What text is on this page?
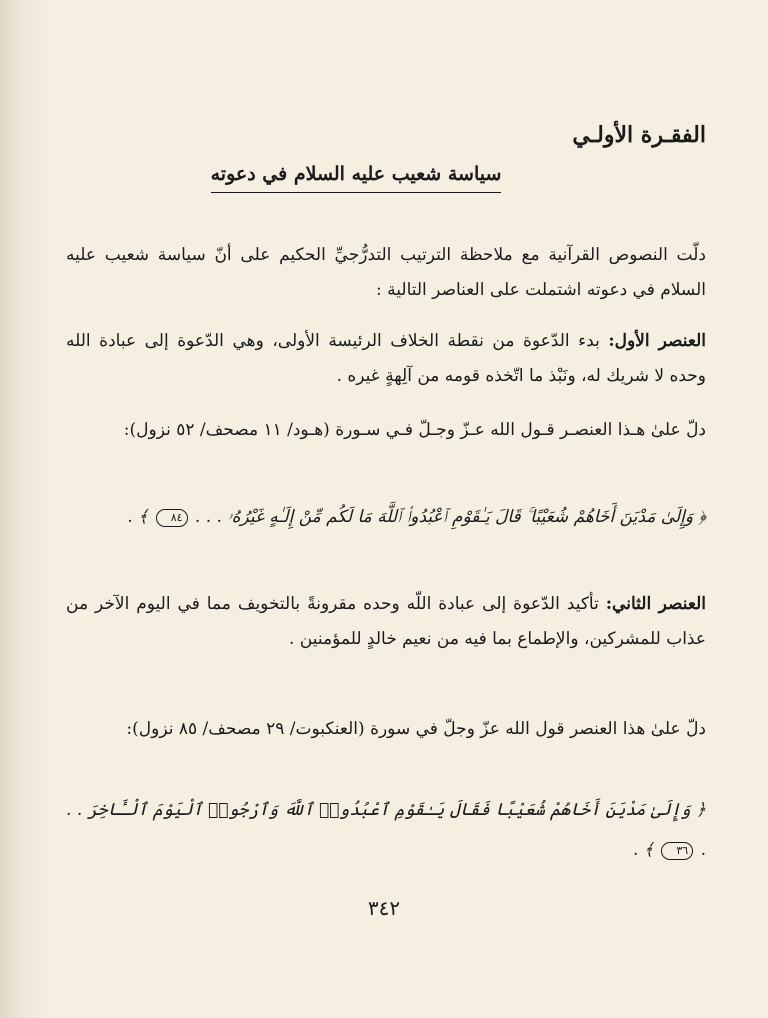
الفقـرة الأولـي
سياسة شعيب عليه السلام في دعوته

دلّت النصوص القرآنية مع ملاحظة الترتيب التدرُّجيِّ الحكيم على أنّ سياسة شعيب عليه السلام في دعوته اشتملت على العناصر التالية :

العنصر الأول: بدء الدّعوة من نقطة الخلاف الرئيسة الأولى، وهي الدّعوة إلى عبادة الله وحده لا شريك له، ونَبْذ ما اتّخذه قومه من آلِهةٍ غيره .

دلّ علىٰ هـذا العنصـر قـول الله عـزّ وجـلّ فـي سـورة (هـود/ ١١ مصحف/ ٥٢ نزول):

﴿ وَإِلَىٰ مَدْيَنَ أَخَاهُمْ شُعَيْبًا ۚ قَالَ يَـٰقَوْمِ ٱعْبُدُوا۟ ٱللَّهَ مَا لَكُم مِّنْ إِلَـٰهٍ غَيْرُهُۥ . . . ٨٤ ﴾ .

العنصر الثاني: تأكيد الدّعوة إلى عبادة اللّه وحده مقرونةً بالتخويف مما في اليوم الآخر من عذاب للمشركين، والإطماع بما فيه من نعيم خالدٍ للمؤمنين .

دلّ علىٰ هذا العنصر قول الله عزّ وجلّ في سورة (العنكبوت/ ٢٩ مصحف/ ٨٥ نزول):

﴿ وَإِلَىٰ مَدْيَنَ أَخَاهُمْ شُعَيْبًا فَقَالَ يَـٰقَوْمِ ٱعْبُدُوا۟ ٱللَّهَ وَٱرْجُوا۟ ٱلْيَوْمَ ٱلْـَٔاخِرَ . . . ٣٦ ﴾ .

٣٤٢
